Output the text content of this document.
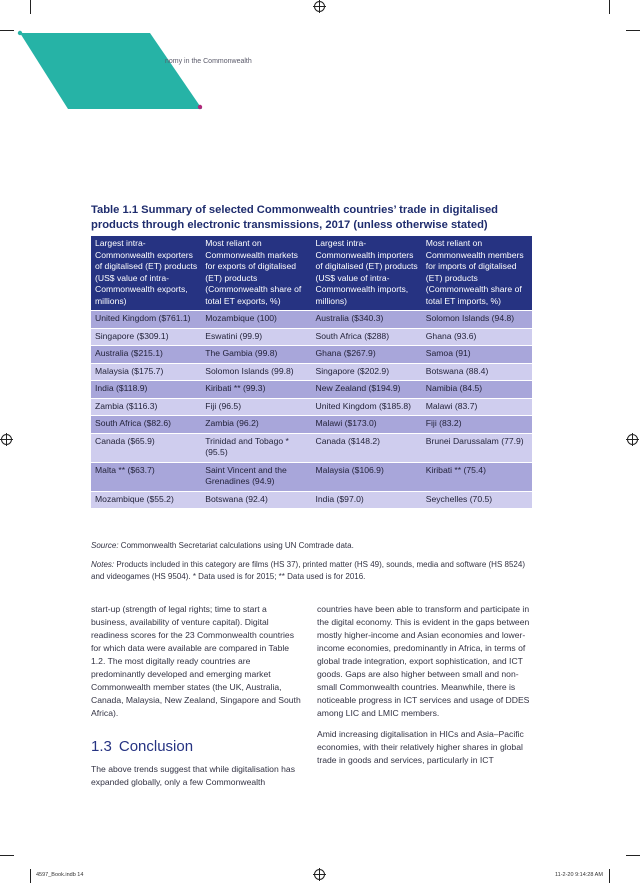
nomy in the Commonwealth
Table 1.1 Summary of selected Commonwealth countries’ trade in digitalised products through electronic transmissions, 2017 (unless otherwise stated)
Largest intra-Commonwealth exporters of digitalised (ET) products (US$ value of intra-Commonwealth exports, millions)	Most reliant on Commonwealth markets for exports of digitalised (ET) products (Commonwealth share of total ET exports, %)	Largest intra-Commonwealth importers of digitalised (ET) products (US$ value of intra-Commonwealth imports, millions)	Most reliant on Commonwealth members for imports of digitalised (ET) products (Commonwealth share of total ET imports, %)
United Kingdom ($761.1)	Mozambique (100)	Australia ($340.3)	Solomon Islands (94.8)
Singapore ($309.1)	Eswatini (99.9)	South Africa ($288)	Ghana (93.6)
Australia ($215.1)	The Gambia (99.8)	Ghana ($267.9)	Samoa (91)
Malaysia ($175.7)	Solomon Islands (99.8)	Singapore ($202.9)	Botswana (88.4)
India ($118.9)	Kiribati ** (99.3)	New Zealand ($194.9)	Namibia (84.5)
Zambia ($116.3)	Fiji (96.5)	United Kingdom ($185.8)	Malawi (83.7)
South Africa ($82.6)	Zambia (96.2)	Malawi ($173.0)	Fiji (83.2)
Canada ($65.9)	Trinidad and Tobago * (95.5)	Canada ($148.2)	Brunei Darussalam (77.9)
Malta ** ($63.7)	Saint Vincent and the Grenadines (94.9)	Malaysia ($106.9)	Kiribati ** (75.4)
Mozambique ($55.2)	Botswana (92.4)	India ($97.0)	Seychelles (70.5)
Source: Commonwealth Secretariat calculations using UN Comtrade data.
Notes: Products included in this category are films (HS 37), printed matter (HS 49), sounds, media and software (HS 8524) and videogames (HS 9504). * Data used is for 2015; ** Data used is for 2016.

start-up (strength of legal rights; time to start a business, availability of venture capital). Digital readiness scores for the 23 Commonwealth countries for which data were available are compared in Table 1.2. The most digitally ready countries are predominantly developed and emerging market Commonwealth member states (the UK, Australia, Canada, Malaysia, New Zealand, Singapore and South Africa).

1.3 Conclusion

The above trends suggest that while digitalisation has expanded globally, only a few Commonwealth

countries have been able to transform and participate in the digital economy. This is evident in the gaps between mostly higher-income and Asian economies and lower-income economies, predominantly in Africa, in terms of global trade integration, export sophistication, and ICT goods. Gaps are also higher between small and non-small Commonwealth countries. Meanwhile, there is noticeable progress in ICT services and usage of DDES among LIC and LMIC members.

Amid increasing digitalisation in HICs and Asia–Pacific economies, with their relatively higher shares in global trade in goods and services, particularly in ICT

4597_Book.indb 14	11-2-20 9:14:28 AM
